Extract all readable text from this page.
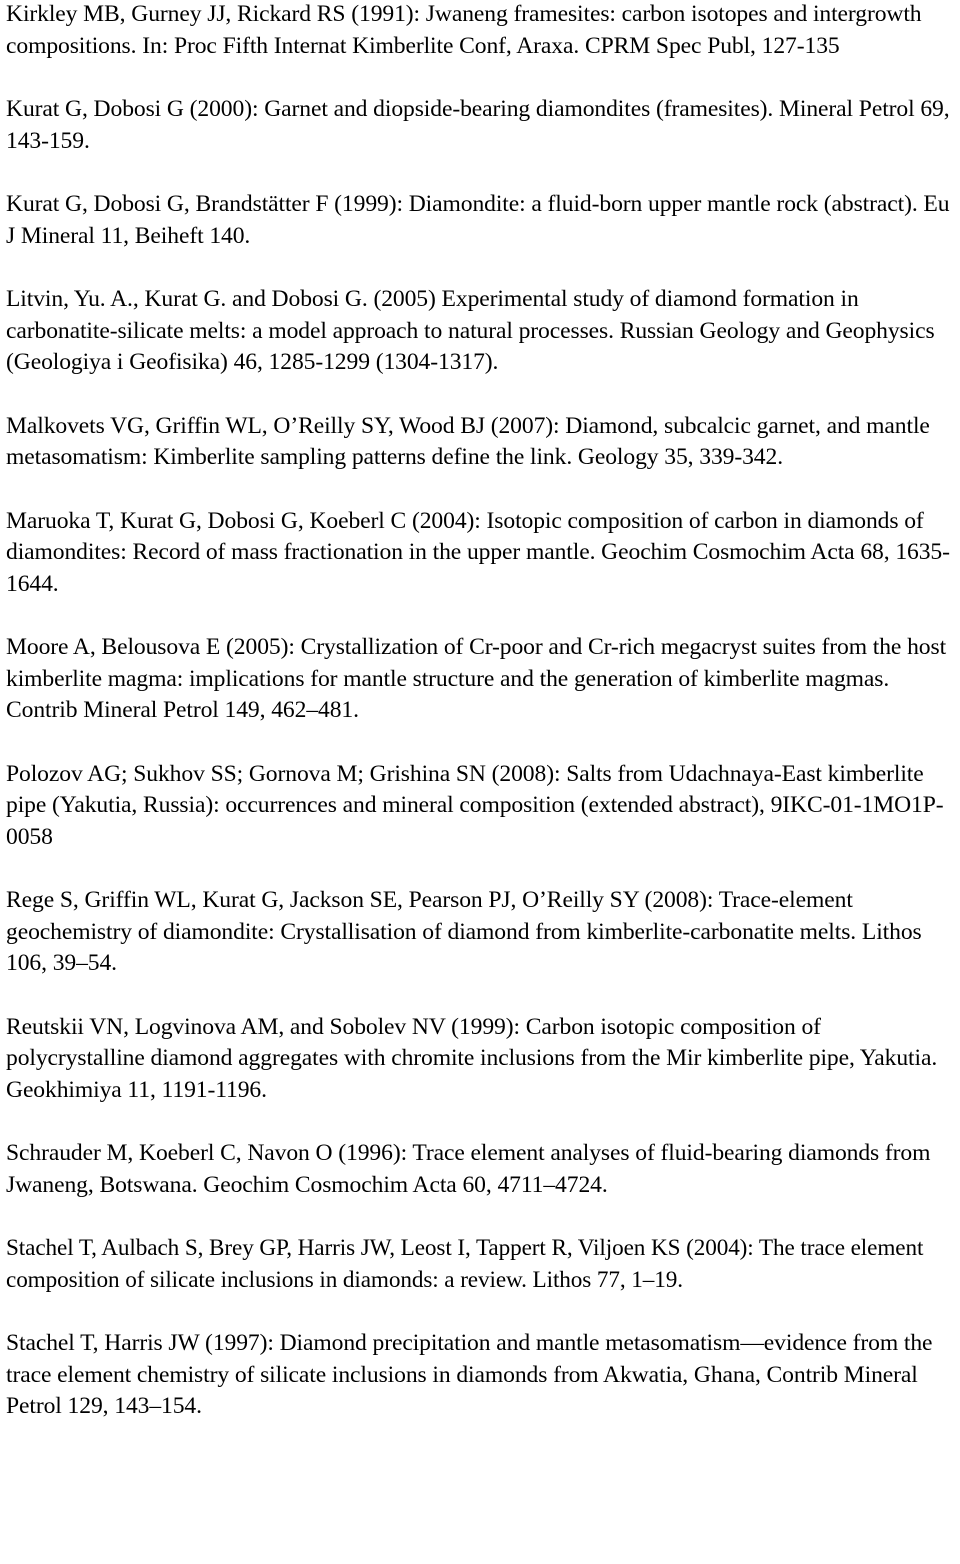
Kirkley MB, Gurney JJ, Rickard RS (1991): Jwaneng framesites: carbon isotopes and intergrowth compositions. In: Proc Fifth Internat Kimberlite Conf, Araxa. CPRM Spec Publ, 127-135

Kurat G, Dobosi G (2000): Garnet and diopside-bearing diamondites (framesites). Mineral Petrol 69, 143-159.

Kurat G, Dobosi G, Brandstätter F (1999): Diamondite: a fluid-born upper mantle rock (abstract). Eu J Mineral 11, Beiheft 140.

Litvin, Yu. A., Kurat G. and Dobosi G. (2005) Experimental study of diamond formation in carbonatite-silicate melts: a model approach to natural processes. Russian Geology and Geophysics (Geologiya i Geofisika) 46, 1285-1299 (1304-1317).

Malkovets VG, Griffin WL, O’Reilly SY, Wood BJ (2007): Diamond, subcalcic garnet, and mantle metasomatism: Kimberlite sampling patterns define the link. Geology 35, 339-342.

Maruoka T, Kurat G, Dobosi G, Koeberl C (2004): Isotopic composition of carbon in diamonds of diamondites: Record of mass fractionation in the upper mantle. Geochim Cosmochim Acta 68, 1635-1644.

Moore A, Belousova E (2005): Crystallization of Cr-poor and Cr-rich megacryst suites from the host kimberlite magma: implications for mantle structure and the generation of kimberlite magmas. Contrib Mineral Petrol 149, 462–481.

Polozov AG; Sukhov SS; Gornova M; Grishina SN (2008): Salts from Udachnaya-East kimberlite pipe (Yakutia, Russia): occurrences and mineral composition (extended abstract), 9IKC-01-1MO1P-0058

Rege S, Griffin WL, Kurat G, Jackson SE, Pearson PJ, O’Reilly SY (2008): Trace-element geochemistry of diamondite: Crystallisation of diamond from kimberlite-carbonatite melts. Lithos 106, 39–54.

Reutskii VN, Logvinova AM, and Sobolev NV (1999): Carbon isotopic composition of polycrystalline diamond aggregates with chromite inclusions from the Mir kimberlite pipe, Yakutia. Geokhimiya 11, 1191-1196.

Schrauder M, Koeberl C, Navon O (1996): Trace element analyses of fluid-bearing diamonds from Jwaneng, Botswana. Geochim Cosmochim Acta 60, 4711–4724.

Stachel T, Aulbach S, Brey GP, Harris JW, Leost I, Tappert R, Viljoen KS (2004): The trace element composition of silicate inclusions in diamonds: a review. Lithos 77, 1–19.

Stachel T, Harris JW (1997): Diamond precipitation and mantle metasomatism—evidence from the trace element chemistry of silicate inclusions in diamonds from Akwatia, Ghana, Contrib Mineral Petrol 129, 143–154.
